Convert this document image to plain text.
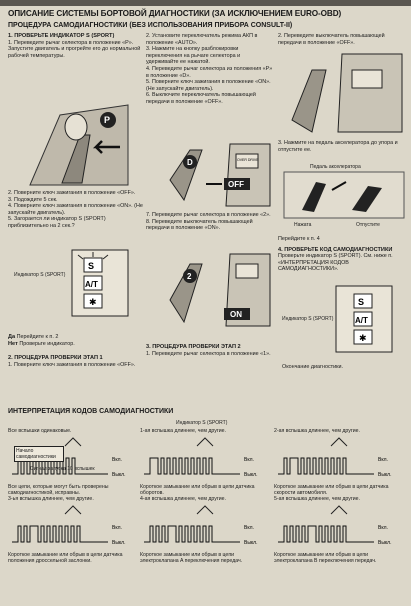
ОПИСАНИЕ СИСТЕМЫ БОРТОВОЙ ДИАГНОСТИКИ (ЗА ИСКЛЮЧЕНИЕМ EURO-OBD)
ПРОЦЕДУРА САМОДИАГНОСТИКИ (БЕЗ ИСПОЛЬЗОВАНИЯ ПРИБОРА CONSULT-II)
1. ПРОВЕРЬТЕ ИНДИКАТОР S (SPORT)
1. Переведите рычаг селектора в положение «P».
Запустите двигатель и прогрейте его до нормальной рабочей температуры.
P
2. Поверните ключ зажигания в положение «OFF».
3. Подождите 5 сек.
4. Поверните ключ зажигания в положение «ON». (Не запускайте двигатель).
5. Загорается ли индикатор S (SPORT) приблизительно на 2 сек.?
S
A/T
✱
Индикатор S (SPORT)
Да Перейдите к п. 2
Нет Проверьте индикатор.
2. ПРОЦЕДУРА ПРОВЕРКИ ЭТАП 1
1. Поверните ключ зажигания в положение «OFF».
2. Установите переключатель режима АКП в положение «AUTO».
3. Нажмите на кнопку разблокировки переключения на рычаге селектора и удерживайте ее нажатой.
4. Переведите рычаг селектора из положения «P» в положение «D».
5. Поверните ключ зажигания в положение «ON». (Не запускайте двигатель).
6. Выключите переключатель повышающей передачи в положение «OFF».
OVER DRIVE
D
OFF
7. Переведите рычаг селектора в положение «2».
8. Переведите выключатель повышающей передачи в положение «ON».
2
ON
3. ПРОЦЕДУРА ПРОВЕРКИ ЭТАП 2
1. Переведите рычаг селектора в положение «1».
2. Переведите выключатель повышающей передачи в положение «OFF».
3. Нажмите на педаль акселератора до упора и отпустите ее.
Педаль акселератора
Нажата	Отпустите
Перейдите к п. 4
4. ПРОВЕРЬТЕ КОД САМОДИАГНОСТИКИ
Проверьте индикатор S (SPORT). См. ниже п. «ИНТЕРПРЕТАЦИЯ КОДОВ САМОДИАГНОСТИКИ».
S
A/T
✱
Индикатор S (SPORT)
Окончание диагностики.
ИНТЕРПРЕТАЦИЯ КОДОВ САМОДИАГНОСТИКИ
Индикатор S (SPORT)
Все вспышки одинаковые.
Вкл.
Выкл.
Все цепи, которые могут быть проверены самодиагностикой, исправны.
1-ая вспышка длиннее, чем другие.
Вкл.
Выкл.
Короткое замыкание или обрыв в цепи датчика оборотов.
2-ая вспышка длиннее, чем другие.
Вкл.
Выкл.
Короткое замыкание или обрыв в цепи датчика скорости автомобиля.
3-ья вспышка длиннее, чем другие.
Вкл.
Выкл.
Короткое замыкание или обрыв в цепи датчика положения дроссельной заслонки.
4-ая вспышка длиннее, чем другие.
Вкл.
Выкл.
Короткое замыкание или обрыв в цепи электроклапана A переключения передач.
5-ая вспышка длиннее, чем другие.
Вкл.
Выкл.
Короткое замыкание или обрыв в цепи электроклапана B переключения передач.
Начало самодиагностики
Сигнал запуска 10 вспышек
